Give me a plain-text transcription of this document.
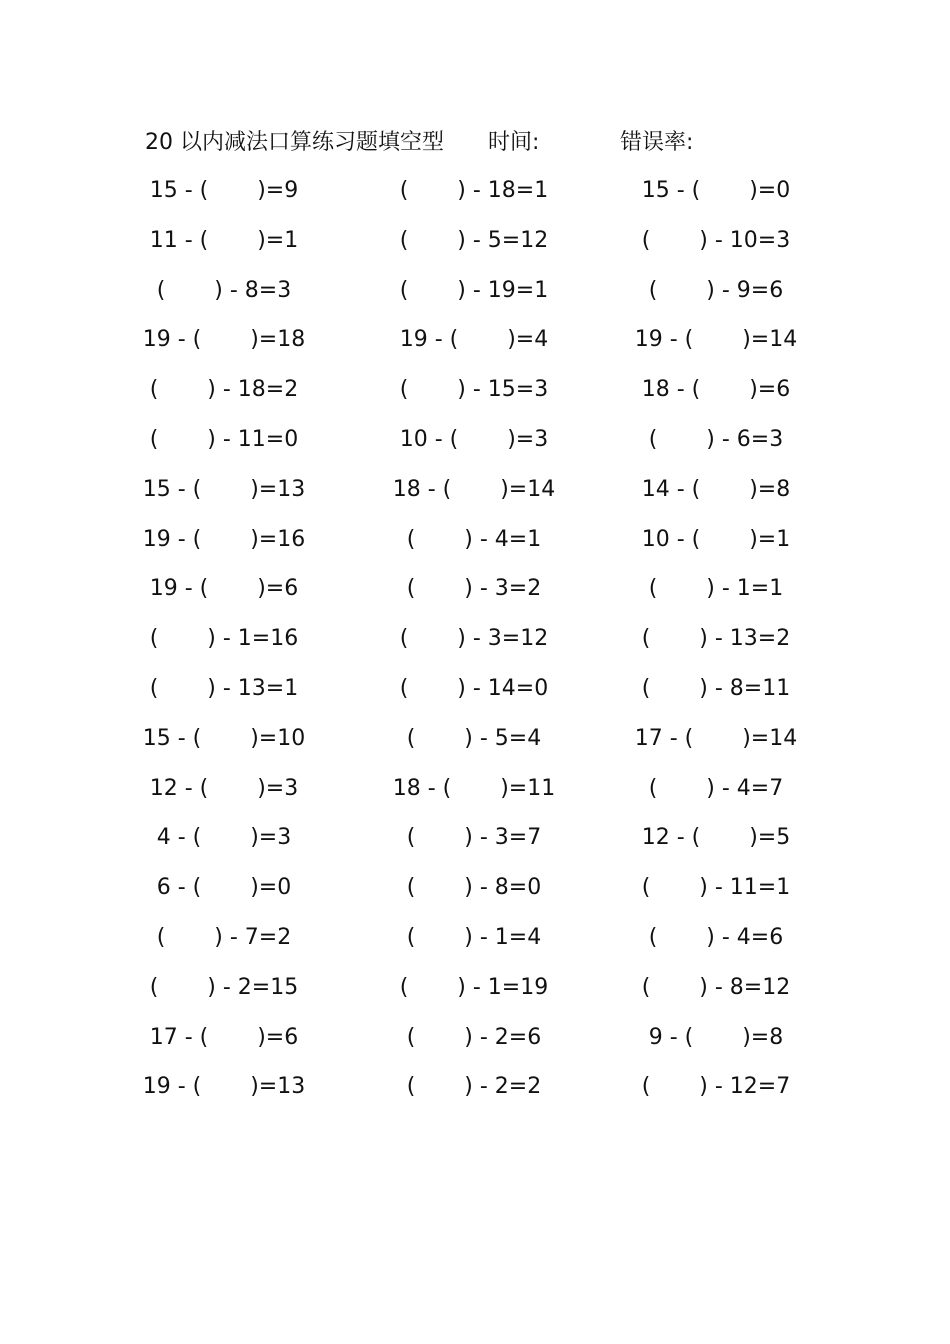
20 以内减法口算练习题填空型 时间:	错误率:
15 - (       )=9	(       ) - 18=1	15 - (       )=0
11 - (       )=1	(       ) - 5=12	(       ) - 10=3
(       ) - 8=3	(       ) - 19=1	(       ) - 9=6
19 - (       )=18	19 - (       )=4	19 - (       )=14
(       ) - 18=2	(       ) - 15=3	18 - (       )=6
(       ) - 11=0	10 - (       )=3	(       ) - 6=3
15 - (       )=13	18 - (       )=14	14 - (       )=8
19 - (       )=16	(       ) - 4=1	10 - (       )=1
19 - (       )=6	(       ) - 3=2	(       ) - 1=1
(       ) - 1=16	(       ) - 3=12	(       ) - 13=2
(       ) - 13=1	(       ) - 14=0	(       ) - 8=11
15 - (       )=10	(       ) - 5=4	17 - (       )=14
12 - (       )=3	18 - (       )=11	(       ) - 4=7
4 - (       )=3	(       ) - 3=7	12 - (       )=5
6 - (       )=0	(       ) - 8=0	(       ) - 11=1
(       ) - 7=2	(       ) - 1=4	(       ) - 4=6
(       ) - 2=15	(       ) - 1=19	(       ) - 8=12
17 - (       )=6	(       ) - 2=6	9 - (       )=8
19 - (       )=13	(       ) - 2=2	(       ) - 12=7
